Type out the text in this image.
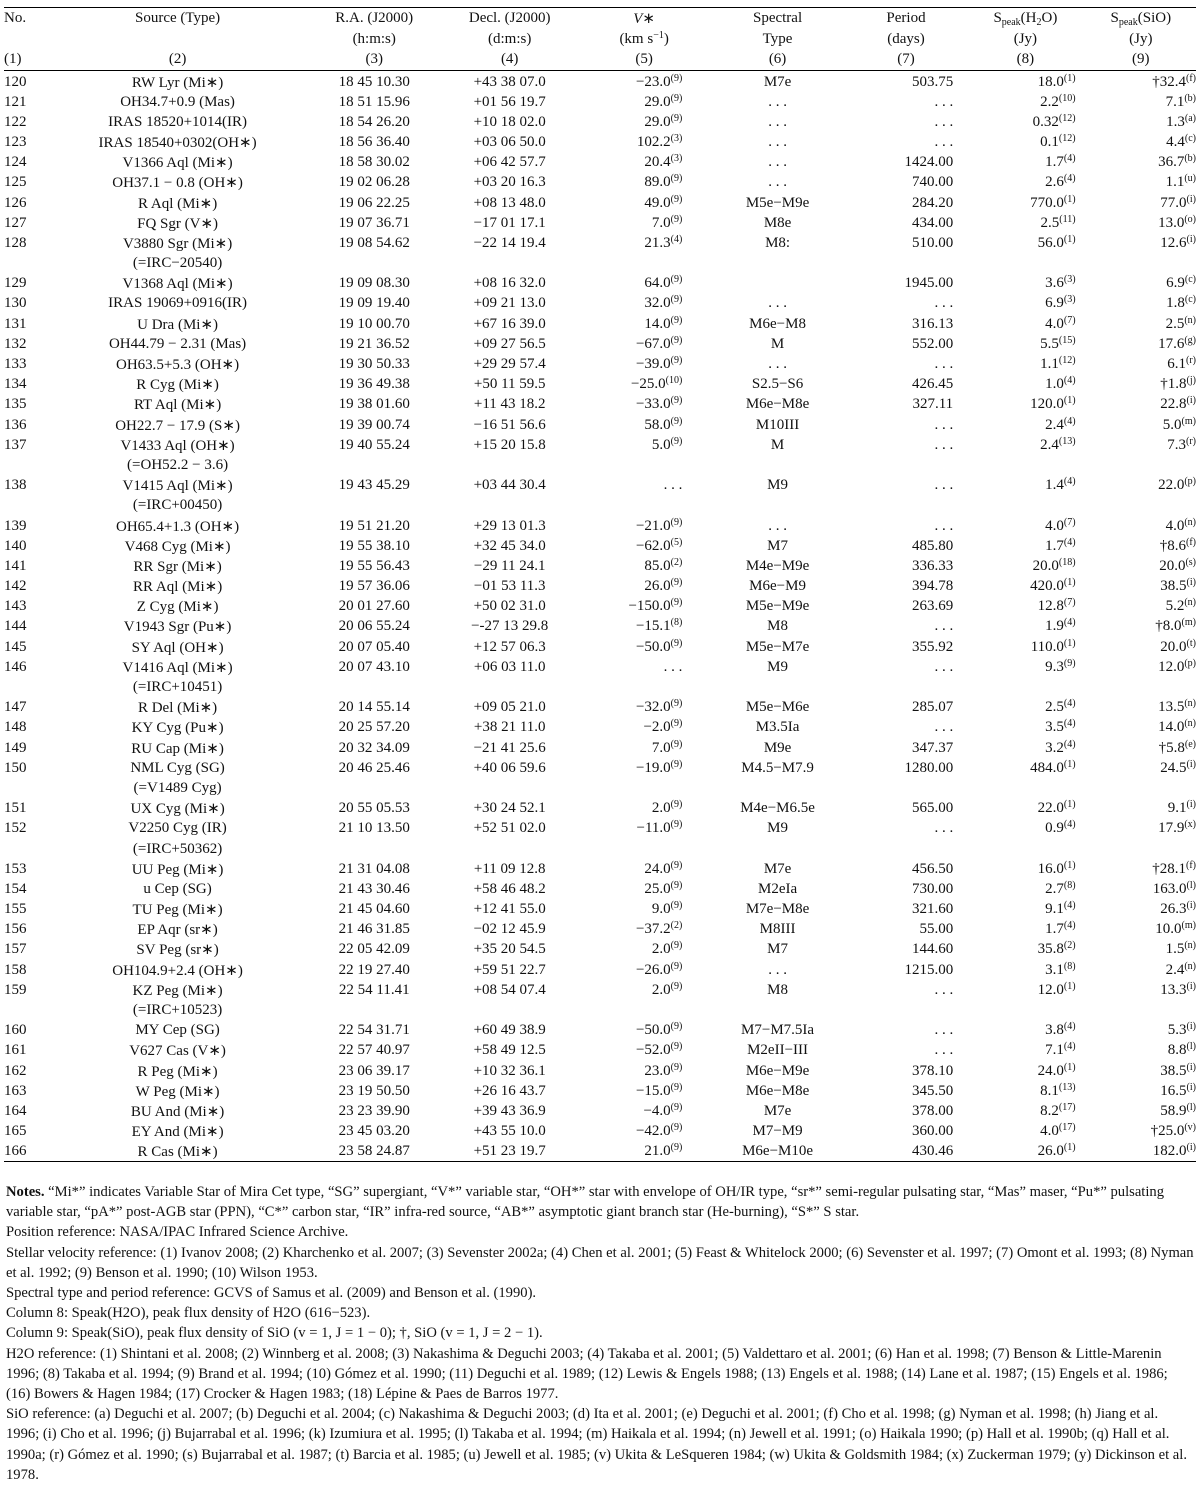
No.	Source (Type)	R.A. (J2000)	Decl. (J2000)	V∗	Spectral	Period	$S_{peak}(H_2O)$	$S_{peak}(SiO)$
		(h:m:s)	(d:m:s)	(km $s^{-1}$)	Type	(days)	(Jy)	(Jy)
(1)	(2)	(3)	(4)	(5)	(6)	(7)	(8)	(9)
120	RW Lyr (Mi∗)	18 45 10.30	+43 38 07.0	$-23.0^{(9)}$	M7e	503.75	18.0$^{(1)}$	†32.4$^{(f)}$
121	OH34.7+0.9 (Mas)	18 51 15.96	+01 56 19.7	29.0$^{(9)}$	. . .	. . .	2.2$^{(10)}$	7.1$^{(b)}$
122	IRAS 18520+1014(IR)	18 54 26.20	+10 18 02.0	29.0$^{(9)}$	. . .	. . .	0.32$^{(12)}$	1.3$^{(a)}$
123	IRAS 18540+0302(OH∗)	18 56 36.40	+03 06 50.0	102.2$^{(3)}$	. . .	. . .	0.1$^{(12)}$	4.4$^{(c)}$
124	V1366 Aql (Mi∗)	18 58 30.02	+06 42 57.7	20.4$^{(3)}$	. . .	1424.00	1.7$^{(4)}$	36.7$^{(b)}$
125	OH37.1 − 0.8 (OH∗)	19 02 06.28	+03 20 16.3	89.0$^{(9)}$	. . .	740.00	2.6$^{(4)}$	1.1$^{(u)}$
126	R Aql (Mi∗)	19 06 22.25	+08 13 48.0	49.0$^{(9)}$	M5e−M9e	284.20	770.0$^{(1)}$	77.0$^{(i)}$
127	FQ Sgr (V∗)	19 07 36.71	−17 01 17.1	7.0$^{(9)}$	M8e	434.00	2.5$^{(11)}$	13.0$^{(o)}$
128	V3880 Sgr (Mi∗)	19 08 54.62	−22 14 19.4	21.3$^{(4)}$	M8:	510.00	56.0$^{(1)}$	12.6$^{(i)}$
	(=IRC−20540)							
129	V1368 Aql (Mi∗)	19 09 08.30	+08 16 32.0	64.0$^{(9)}$		1945.00	3.6$^{(3)}$	6.9$^{(c)}$
130	IRAS 19069+0916(IR)	19 09 19.40	+09 21 13.0	32.0$^{(9)}$	. . .	. . .	6.9$^{(3)}$	1.8$^{(c)}$
131	U Dra (Mi∗)	19 10 00.70	+67 16 39.0	14.0$^{(9)}$	M6e−M8	316.13	4.0$^{(7)}$	2.5$^{(n)}$
132	OH44.79 − 2.31 (Mas)	19 21 36.52	+09 27 56.5	$-67.0^{(9)}$	M	552.00	5.5$^{(15)}$	17.6$^{(g)}$
133	OH63.5+5.3 (OH∗)	19 30 50.33	+29 29 57.4	$-39.0^{(9)}$	. . .	. . .	1.1$^{(12)}$	6.1$^{(r)}$
134	R Cyg (Mi∗)	19 36 49.38	+50 11 59.5	$-25.0^{(10)}$	S2.5−S6	426.45	1.0$^{(4)}$	†1.8$^{(j)}$
135	RT Aql (Mi∗)	19 38 01.60	+11 43 18.2	$-33.0^{(9)}$	M6e−M8e	327.11	120.0$^{(1)}$	22.8$^{(i)}$
136	OH22.7 − 17.9 (S∗)	19 39 00.74	−16 51 56.6	58.0$^{(9)}$	M10III	. . .	2.4$^{(4)}$	5.0$^{(m)}$
137	V1433 Aql (OH∗)	19 40 55.24	+15 20 15.8	5.0$^{(9)}$	M	. . .	2.4$^{(13)}$	7.3$^{(r)}$
	(=OH52.2 − 3.6)							
138	V1415 Aql (Mi∗)	19 43 45.29	+03 44 30.4	. . .	M9	. . .	1.4$^{(4)}$	22.0$^{(p)}$
	(=IRC+00450)							
139	OH65.4+1.3 (OH∗)	19 51 21.20	+29 13 01.3	$-21.0^{(9)}$	. . .	. . .	4.0$^{(7)}$	4.0$^{(n)}$
140	V468 Cyg (Mi∗)	19 55 38.10	+32 45 34.0	$-62.0^{(5)}$	M7	485.80	1.7$^{(4)}$	†8.6$^{(f)}$
141	RR Sgr (Mi∗)	19 55 56.43	−29 11 24.1	85.0$^{(2)}$	M4e−M9e	336.33	20.0$^{(18)}$	20.0$^{(s)}$
142	RR Aql (Mi∗)	19 57 36.06	−01 53 11.3	26.0$^{(9)}$	M6e−M9	394.78	420.0$^{(1)}$	38.5$^{(i)}$
143	Z Cyg (Mi∗)	20 01 27.60	+50 02 31.0	$-150.0^{(9)}$	M5e−M9e	263.69	12.8$^{(7)}$	5.2$^{(n)}$
144	V1943 Sgr (Pu∗)	20 06 55.24	−-27 13 29.8	$-15.1^{(8)}$	M8	. . .	1.9$^{(4)}$	†8.0$^{(m)}$
145	SY Aql (OH∗)	20 07 05.40	+12 57 06.3	$-50.0^{(9)}$	M5e−M7e	355.92	110.0$^{(1)}$	20.0$^{(t)}$
146	V1416 Aql (Mi∗)	20 07 43.10	+06 03 11.0	. . .	M9	. . .	9.3$^{(9)}$	12.0$^{(p)}$
	(=IRC+10451)							
147	R Del (Mi∗)	20 14 55.14	+09 05 21.0	$-32.0^{(9)}$	M5e−M6e	285.07	2.5$^{(4)}$	13.5$^{(n)}$
148	KY Cyg (Pu∗)	20 25 57.20	+38 21 11.0	$-2.0^{(9)}$	M3.5Ia	. . .	3.5$^{(4)}$	14.0$^{(n)}$
149	RU Cap (Mi∗)	20 32 34.09	−21 41 25.6	7.0$^{(9)}$	M9e	347.37	3.2$^{(4)}$	†5.8$^{(e)}$
150	NML Cyg (SG)	20 46 25.46	+40 06 59.6	$-19.0^{(9)}$	M4.5−M7.9	1280.00	484.0$^{(1)}$	24.5$^{(i)}$
	(=V1489 Cyg)							
151	UX Cyg (Mi∗)	20 55 05.53	+30 24 52.1	2.0$^{(9)}$	M4e−M6.5e	565.00	22.0$^{(1)}$	9.1$^{(i)}$
152	V2250 Cyg (IR)	21 10 13.50	+52 51 02.0	$-11.0^{(9)}$	M9	. . .	0.9$^{(4)}$	17.9$^{(x)}$
	(=IRC+50362)							
153	UU Peg (Mi∗)	21 31 04.08	+11 09 12.8	24.0$^{(9)}$	M7e	456.50	16.0$^{(1)}$	†28.1$^{(f)}$
154	u Cep (SG)	21 43 30.46	+58 46 48.2	25.0$^{(9)}$	M2eIa	730.00	2.7$^{(8)}$	163.0$^{(l)}$
155	TU Peg (Mi∗)	21 45 04.60	+12 41 55.0	9.0$^{(9)}$	M7e−M8e	321.60	9.1$^{(4)}$	26.3$^{(i)}$
156	EP Aqr (sr∗)	21 46 31.85	−02 12 45.9	$-37.2^{(2)}$	M8III	55.00	1.7$^{(4)}$	10.0$^{(m)}$
157	SV Peg (sr∗)	22 05 42.09	+35 20 54.5	2.0$^{(9)}$	M7	144.60	35.8$^{(2)}$	1.5$^{(n)}$
158	OH104.9+2.4 (OH∗)	22 19 27.40	+59 51 22.7	$-26.0^{(9)}$	. . .	1215.00	3.1$^{(8)}$	2.4$^{(n)}$
159	KZ Peg (Mi∗)	22 54 11.41	+08 54 07.4	2.0$^{(9)}$	M8	. . .	12.0$^{(1)}$	13.3$^{(i)}$
	(=IRC+10523)							
160	MY Cep (SG)	22 54 31.71	+60 49 38.9	$-50.0^{(9)}$	M7−M7.5Ia	. . .	3.8$^{(4)}$	5.3$^{(i)}$
161	V627 Cas (V∗)	22 57 40.97	+58 49 12.5	$-52.0^{(9)}$	M2eII−III	. . .	7.1$^{(4)}$	8.8$^{(l)}$
162	R Peg (Mi∗)	23 06 39.17	+10 32 36.1	23.0$^{(9)}$	M6e−M9e	378.10	24.0$^{(1)}$	38.5$^{(i)}$
163	W Peg (Mi∗)	23 19 50.50	+26 16 43.7	$-15.0^{(9)}$	M6e−M8e	345.50	8.1$^{(13)}$	16.5$^{(i)}$
164	BU And (Mi∗)	23 23 39.90	+39 43 36.9	$-4.0^{(9)}$	M7e	378.00	8.2$^{(17)}$	58.9$^{(l)}$
165	EY And (Mi∗)	23 45 03.20	+43 55 10.0	$-42.0^{(9)}$	M7−M9	360.00	4.0$^{(17)}$	†25.0$^{(v)}$
166	R Cas (Mi∗)	23 58 24.87	+51 23 19.7	21.0$^{(9)}$	M6e−M10e	430.46	26.0$^{(1)}$	182.0$^{(i)}$

Notes. “Mi*” indicates Variable Star of Mira Cet type, “SG” supergiant, “V*” variable star, “OH*” star with envelope of OH/IR type, “sr*” semi-regular pulsating star, “Mas” maser, “Pu*” pulsating variable star, “pA*” post-AGB star (PPN), “C*” carbon star, “IR” infra-red source, “AB*” asymptotic giant branch star (He-burning), “S*” S star.

Position reference: NASA/IPAC Infrared Science Archive.

Stellar velocity reference: (1) Ivanov 2008; (2) Kharchenko et al. 2007; (3) Sevenster 2002a; (4) Chen et al. 2001; (5) Feast & Whitelock 2000; (6) Sevenster et al. 1997; (7) Omont et al. 1993; (8) Nyman et al. 1992; (9) Benson et al. 1990; (10) Wilson 1953.

Spectral type and period reference: GCVS of Samus et al. (2009) and Benson et al. (1990).

Column 8: Speak(H2O), peak flux density of H2O (616−523).

Column 9: Speak(SiO), peak flux density of SiO (v = 1, J = 1 − 0); †, SiO (v = 1, J = 2 − 1).

H2O reference: (1) Shintani et al. 2008; (2) Winnberg et al. 2008; (3) Nakashima & Deguchi 2003; (4) Takaba et al. 2001; (5) Valdettaro et al. 2001; (6) Han et al. 1998; (7) Benson & Little-Marenin 1996; (8) Takaba et al. 1994; (9) Brand et al. 1994; (10) Gómez et al. 1990; (11) Deguchi et al. 1989; (12) Lewis & Engels 1988; (13) Engels et al. 1988; (14) Lane et al. 1987; (15) Engels et al. 1986; (16) Bowers & Hagen 1984; (17) Crocker & Hagen 1983; (18) Lépine & Paes de Barros 1977.

SiO reference: (a) Deguchi et al. 2007; (b) Deguchi et al. 2004; (c) Nakashima & Deguchi 2003; (d) Ita et al. 2001; (e) Deguchi et al. 2001; (f) Cho et al. 1998; (g) Nyman et al. 1998; (h) Jiang et al. 1996; (i) Cho et al. 1996; (j) Bujarrabal et al. 1996; (k) Izumiura et al. 1995; (l) Takaba et al. 1994; (m) Haikala et al. 1994; (n) Jewell et al. 1991; (o) Haikala 1990; (p) Hall et al. 1990b; (q) Hall et al. 1990a; (r) Gómez et al. 1990; (s) Bujarrabal et al. 1987; (t) Barcia et al. 1985; (u) Jewell et al. 1985; (v) Ukita & LeSqueren 1984; (w) Ukita & Goldsmith 1984; (x) Zuckerman 1979; (y) Dickinson et al. 1978.
